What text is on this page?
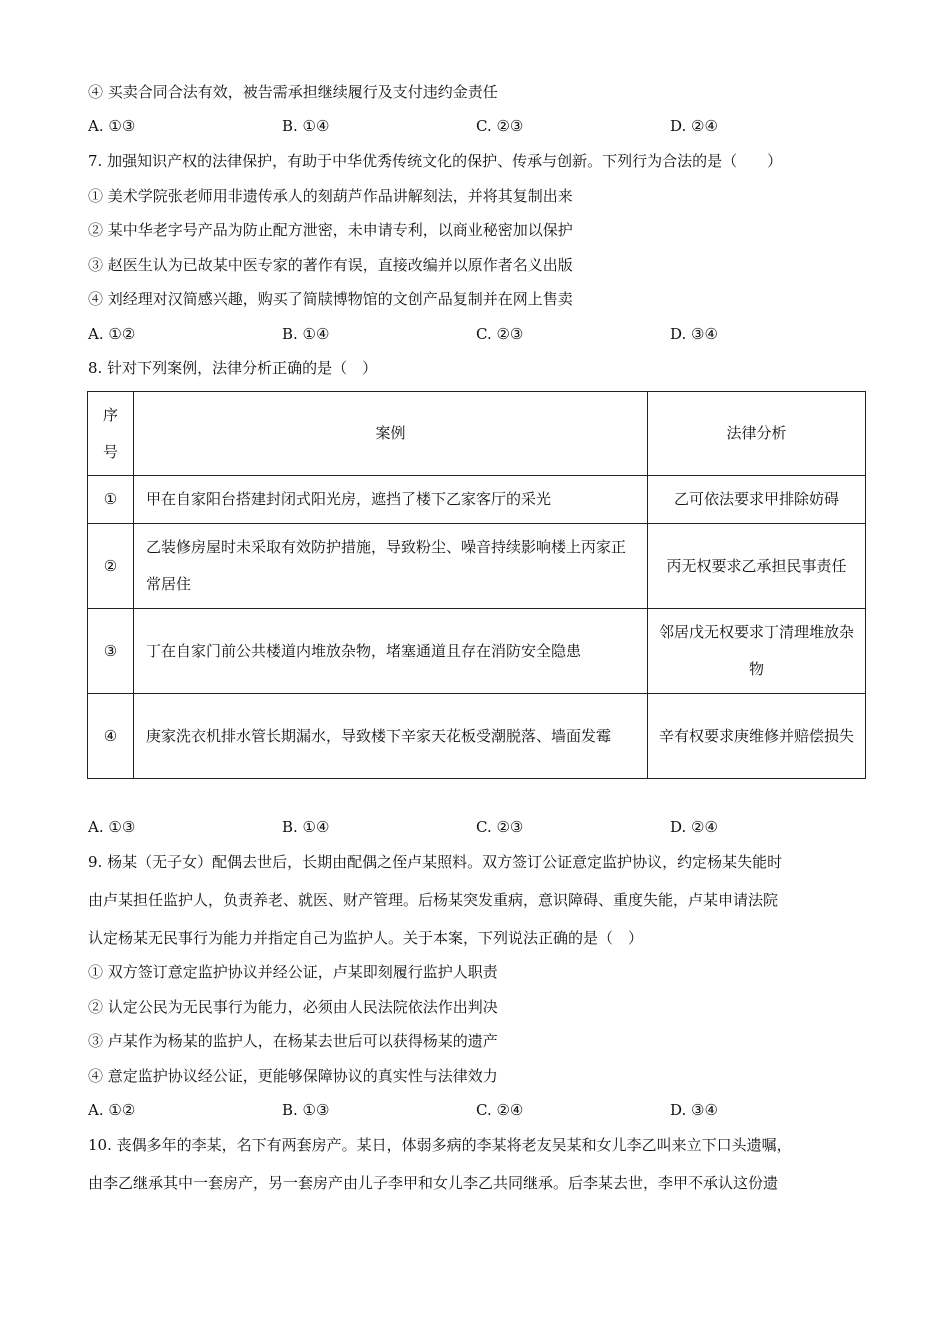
④ 买卖合同合法有效，被告需承担继续履行及支付违约金责任
A. ①③	B. ①④	C. ②③	D. ②④
7. 加强知识产权的法律保护，有助于中华优秀传统文化的保护、传承与创新。下列行为合法的是（　　）
① 美术学院张老师用非遗传承人的刻葫芦作品讲解刻法，并将其复制出来
② 某中华老字号产品为防止配方泄密，未申请专利，以商业秘密加以保护
③ 赵医生认为已故某中医专家的著作有误，直接改编并以原作者名义出版
④ 刘经理对汉简感兴趣，购买了简牍博物馆的文创产品复制并在网上售卖
A. ①②	B. ①④	C. ②③	D. ③④
8. 针对下列案例，法律分析正确的是（　）
序号	案例	法律分析
①	甲在自家阳台搭建封闭式阳光房，遮挡了楼下乙家客厅的采光	乙可依法要求甲排除妨碍
②	乙装修房屋时未采取有效防护措施，导致粉尘、噪音持续影响楼上丙家正常居住	丙无权要求乙承担民事责任
③	丁在自家门前公共楼道内堆放杂物，堵塞通道且存在消防安全隐患	邻居戊无权要求丁清理堆放杂物
④	庚家洗衣机排水管长期漏水，导致楼下辛家天花板受潮脱落、墙面发霉	辛有权要求庚维修并赔偿损失
A. ①③	B. ①④	C. ②③	D. ②④
9. 杨某（无子女）配偶去世后，长期由配偶之侄卢某照料。双方签订公证意定监护协议，约定杨某失能时
由卢某担任监护人，负责养老、就医、财产管理。后杨某突发重病，意识障碍、重度失能，卢某申请法院
认定杨某无民事行为能力并指定自己为监护人。关于本案，下列说法正确的是（　）
① 双方签订意定监护协议并经公证，卢某即刻履行监护人职责
② 认定公民为无民事行为能力，必须由人民法院依法作出判决
③ 卢某作为杨某的监护人，在杨某去世后可以获得杨某的遗产
④ 意定监护协议经公证，更能够保障协议的真实性与法律效力
A. ①②	B. ①③	C. ②④	D. ③④
10. 丧偶多年的李某，名下有两套房产。某日，体弱多病的李某将老友吴某和女儿李乙叫来立下口头遗嘱，
由李乙继承其中一套房产，另一套房产由儿子李甲和女儿李乙共同继承。后李某去世，李甲不承认这份遗
